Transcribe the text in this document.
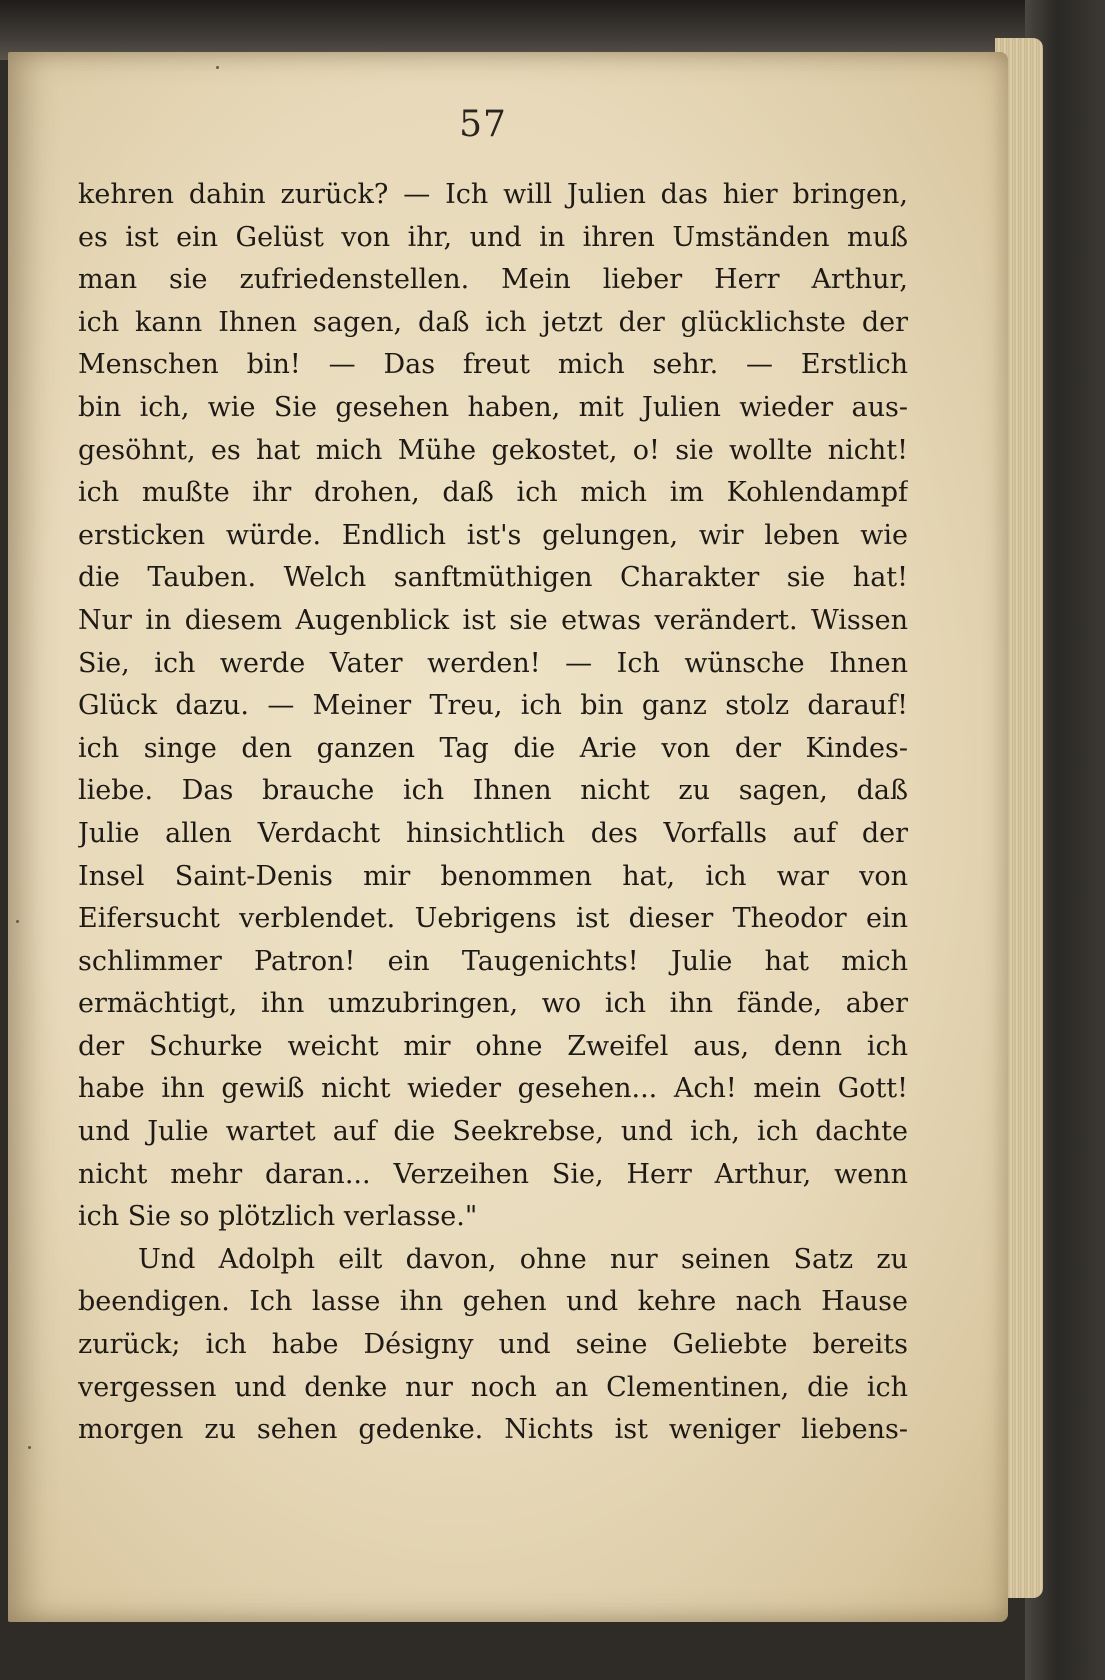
57
kehren dahin zurück? — Ich will Julien das hier bringen,
es ist ein Gelüst von ihr, und in ihren Umständen muß
man sie zufriedenstellen. Mein lieber Herr Arthur,
ich kann Ihnen sagen, daß ich jetzt der glücklichste der
Menschen bin! — Das freut mich sehr. — Erstlich
bin ich, wie Sie gesehen haben, mit Julien wieder aus-
gesöhnt, es hat mich Mühe gekostet, o! sie wollte nicht!
ich mußte ihr drohen, daß ich mich im Kohlendampf
ersticken würde. Endlich ist's gelungen, wir leben wie
die Tauben. Welch sanftmüthigen Charakter sie hat!
Nur in diesem Augenblick ist sie etwas verändert. Wissen
Sie, ich werde Vater werden! — Ich wünsche Ihnen
Glück dazu. — Meiner Treu, ich bin ganz stolz darauf!
ich singe den ganzen Tag die Arie von der Kindes-
liebe. Das brauche ich Ihnen nicht zu sagen, daß
Julie allen Verdacht hinsichtlich des Vorfalls auf der
Insel Saint-Denis mir benommen hat, ich war von
Eifersucht verblendet. Uebrigens ist dieser Theodor ein
schlimmer Patron! ein Taugenichts! Julie hat mich
ermächtigt, ihn umzubringen, wo ich ihn fände, aber
der Schurke weicht mir ohne Zweifel aus, denn ich
habe ihn gewiß nicht wieder gesehen... Ach! mein Gott!
und Julie wartet auf die Seekrebse, und ich, ich dachte
nicht mehr daran... Verzeihen Sie, Herr Arthur, wenn
ich Sie so plötzlich verlasse."
Und Adolph eilt davon, ohne nur seinen Satz zu
beendigen. Ich lasse ihn gehen und kehre nach Hause
zurück; ich habe Désigny und seine Geliebte bereits
vergessen und denke nur noch an Clementinen, die ich
morgen zu sehen gedenke. Nichts ist weniger liebens-
